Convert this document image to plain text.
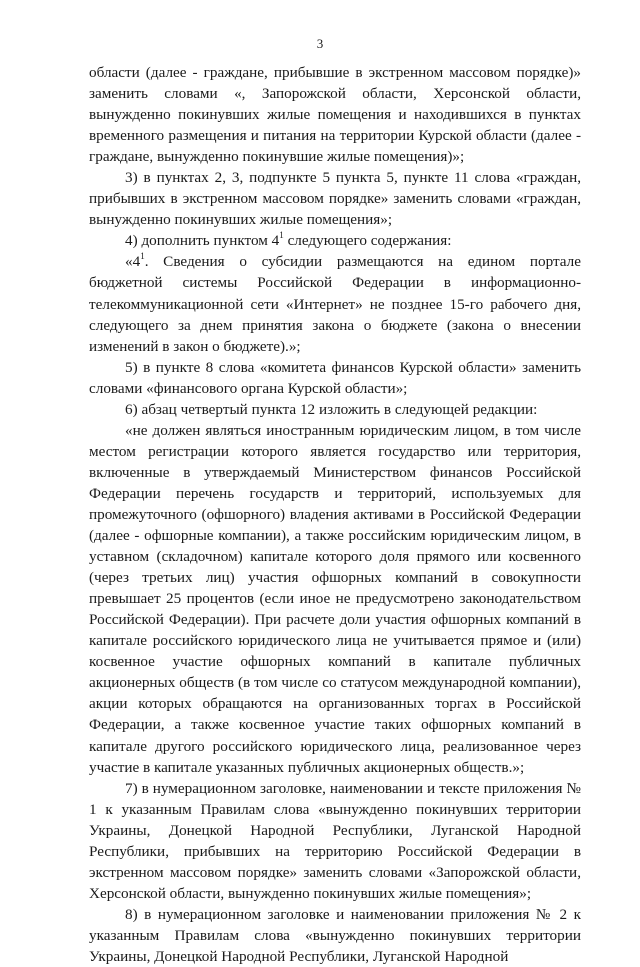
3

области (далее - граждане, прибывшие в экстренном массовом порядке)» заменить словами «, Запорожской области, Херсонской области, вынужденно покинувших жилые помещения и находившихся в пунктах временного размещения и питания на территории Курской области (далее - граждане, вынужденно покинувшие жилые помещения)»;

3) в пунктах 2, 3, подпункте 5 пункта 5, пункте 11 слова «граждан, прибывших в экстренном массовом порядке» заменить словами «граждан, вынужденно покинувших жилые помещения»;

4) дополнить пунктом $4^1$ следующего содержания:

«$4^1$. Сведения о субсидии размещаются на едином портале бюджетной системы Российской Федерации в информационно-телекоммуникационной сети «Интернет» не позднее 15-го рабочего дня, следующего за днем принятия закона о бюджете (закона о внесении изменений в закон о бюджете).»;

5) в пункте 8 слова «комитета финансов Курской области» заменить словами «финансового органа Курской области»;

6) абзац четвертый пункта 12 изложить в следующей редакции:

«не должен являться иностранным юридическим лицом, в том числе местом регистрации которого является государство или территория, включенные в утверждаемый Министерством финансов Российской Федерации перечень государств и территорий, используемых для промежуточного (офшорного) владения активами в Российской Федерации (далее - офшорные компании), а также российским юридическим лицом, в уставном (складочном) капитале которого доля прямого или косвенного (через третьих лиц) участия офшорных компаний в совокупности превышает 25 процентов (если иное не предусмотрено законодательством Российской Федерации). При расчете доли участия офшорных компаний в капитале российского юридического лица не учитывается прямое и (или) косвенное участие офшорных компаний в капитале публичных акционерных обществ (в том числе со статусом международной компании), акции которых обращаются на организованных торгах в Российской Федерации, а также косвенное участие таких офшорных компаний в капитале другого российского юридического лица, реализованное через участие в капитале указанных публичных акционерных обществ.»;

7) в нумерационном заголовке, наименовании и тексте приложения № 1 к указанным Правилам слова «вынужденно покинувших территории Украины, Донецкой Народной Республики, Луганской Народной Республики, прибывших на территорию Российской Федерации в экстренном массовом порядке» заменить словами «Запорожской области, Херсонской области, вынужденно покинувших жилые помещения»;

8) в нумерационном заголовке и наименовании приложения № 2 к указанным Правилам слова «вынужденно покинувших территории Украины, Донецкой Народной Республики, Луганской Народной
